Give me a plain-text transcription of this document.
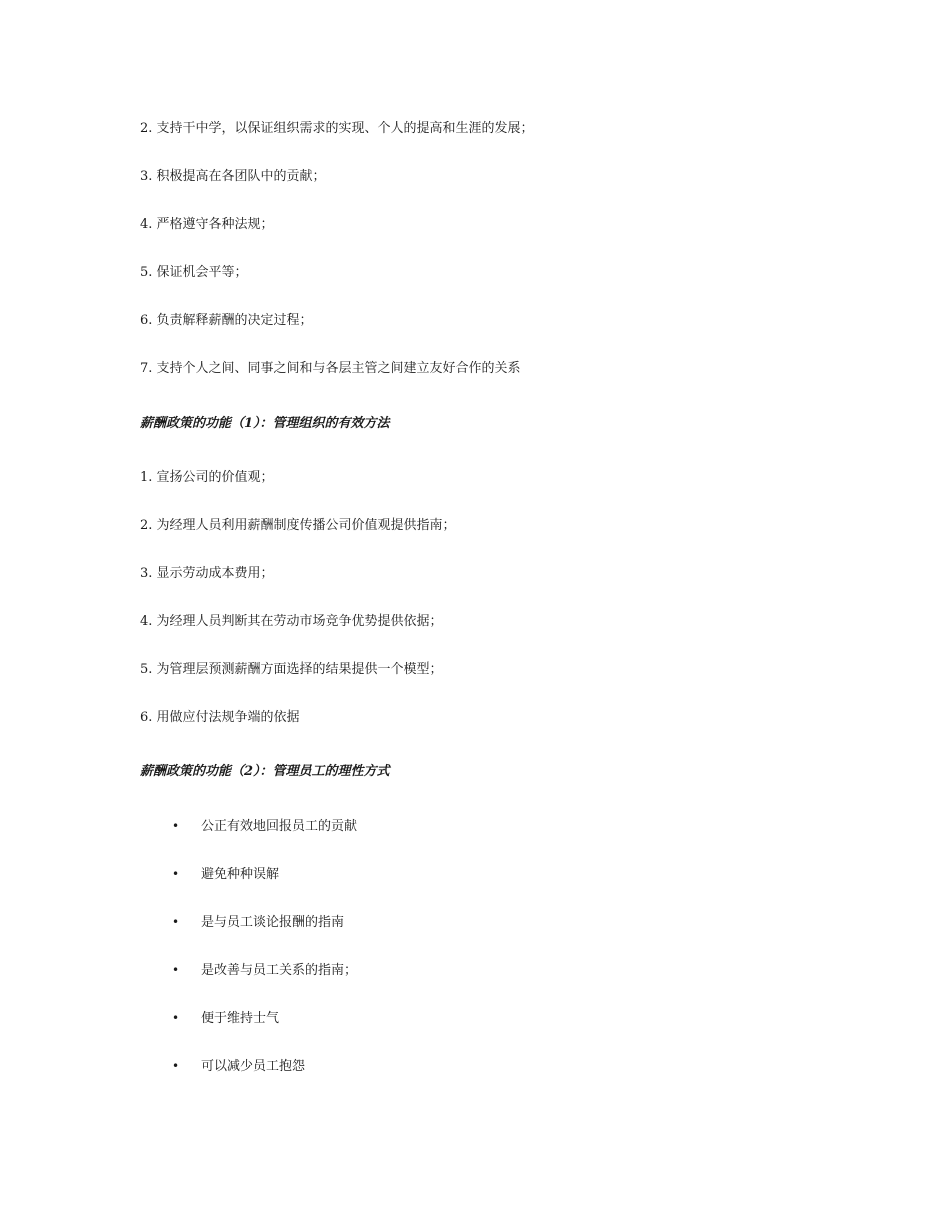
2. 支持干中学，以保证组织需求的实现、个人的提高和生涯的发展；
3. 积极提高在各团队中的贡献；
4. 严格遵守各种法规；
5. 保证机会平等；
6. 负责解释薪酬的决定过程；
7. 支持个人之间、同事之间和与各层主管之间建立友好合作的关系
薪酬政策的功能（1）：管理组织的有效方法
1. 宣扬公司的价值观；
2. 为经理人员利用薪酬制度传播公司价值观提供指南；
3. 显示劳动成本费用；
4. 为经理人员判断其在劳动市场竞争优势提供依据；
5. 为管理层预测薪酬方面选择的结果提供一个模型；
6. 用做应付法规争端的依据
薪酬政策的功能（2）：管理员工的理性方式
• 公正有效地回报员工的贡献
• 避免种种误解
• 是与员工谈论报酬的指南
• 是改善与员工关系的指南；
• 便于维持士气
• 可以减少员工抱怨
